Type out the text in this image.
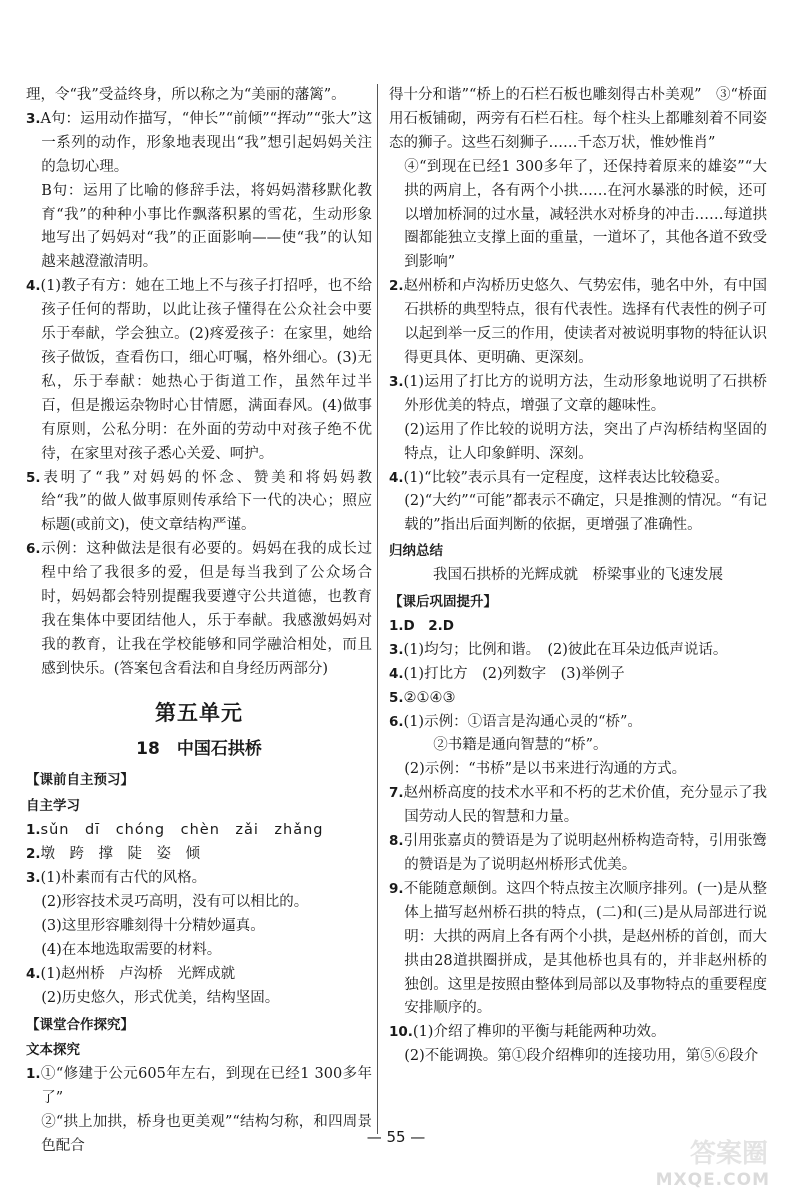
理，令“我”受益终身，所以称之为“美丽的藩篱”。

3.A句：运用动作描写，“伸长”“前倾”“挥动”“张大”这一系列的动作，形象地表现出“我”想引起妈妈关注的急切心理。

B句：运用了比喻的修辞手法，将妈妈潜移默化教育“我”的种种小事比作飘落积累的雪花，生动形象地写出了妈妈对“我”的正面影响——使“我”的认知越来越澄澈清明。

4.(1)教子有方：她在工地上不与孩子打招呼，也不给孩子任何的帮助，以此让孩子懂得在公众社会中要乐于奉献，学会独立。(2)疼爱孩子：在家里，她给孩子做饭，查看伤口，细心叮嘱，格外细心。(3)无私，乐于奉献：她热心于街道工作，虽然年过半百，但是搬运杂物时心甘情愿，满面春风。(4)做事有原则，公私分明：在外面的劳动中对孩子绝不优待，在家里对孩子悉心关爱、呵护。

5.表明了“我”对妈妈的怀念、赞美和将妈妈教给“我”的做人做事原则传承给下一代的决心；照应标题(或前文)，使文章结构严谨。

6.示例：这种做法是很有必要的。妈妈在我的成长过程中给了我很多的爱，但是每当我到了公众场合时，妈妈都会特别提醒我要遵守公共道德，也教育我在集体中要团结他人，乐于奉献。我感激妈妈对我的教育，让我在学校能够和同学融洽相处，而且感到快乐。(答案包含看法和自身经历两部分)

第五单元
18　中国石拱桥
【课前自主预习】
自主学习

1.sǔn　dī　chóng　chèn　zǎi　zhǎng

2.墩　跨　撑　陡　姿　倾

3.(1)朴素而有古代的风格。

(2)形容技术灵巧高明，没有可以相比的。

(3)这里形容雕刻得十分精妙逼真。

(4)在本地选取需要的材料。

4.(1)赵州桥　卢沟桥　光辉成就

(2)历史悠久，形式优美，结构坚固。

【课堂合作探究】
文本探究

1.①“修建于公元605年左右，到现在已经1 300多年了”

②“拱上加拱，桥身也更美观”“结构匀称，和四周景色配合

得十分和谐”“桥上的石栏石板也雕刻得古朴美观”　③“桥面用石板铺砌，两旁有石栏石柱。每个柱头上都雕刻着不同姿态的狮子。这些石刻狮子……千态万状，惟妙惟肖”

④“到现在已经1 300多年了，还保持着原来的雄姿”“大拱的两肩上，各有两个小拱……在河水暴涨的时候，还可以增加桥洞的过水量，减轻洪水对桥身的冲击……每道拱圈都能独立支撑上面的重量，一道坏了，其他各道不致受到影响”

2.赵州桥和卢沟桥历史悠久、气势宏伟，驰名中外，有中国石拱桥的典型特点，很有代表性。选择有代表性的例子可以起到举一反三的作用，使读者对被说明事物的特征认识得更具体、更明确、更深刻。

3.(1)运用了打比方的说明方法，生动形象地说明了石拱桥外形优美的特点，增强了文章的趣味性。

(2)运用了作比较的说明方法，突出了卢沟桥结构坚固的特点，让人印象鲜明、深刻。

4.(1)“比较”表示具有一定程度，这样表达比较稳妥。

(2)“大约”“可能”都表示不确定，只是推测的情况。“有记载的”指出后面判断的依据，更增强了准确性。

归纳总结

我国石拱桥的光辉成就　桥梁事业的飞速发展

【课后巩固提升】

1.D　2.D

3.(1)均匀；比例和谐。　(2)彼此在耳朵边低声说话。

4.(1)打比方　(2)列数字　(3)举例子

5.②①④③

6.(1)示例：①语言是沟通心灵的“桥”。

②书籍是通向智慧的“桥”。

(2)示例：“书桥”是以书来进行沟通的方式。

7.赵州桥高度的技术水平和不朽的艺术价值，充分显示了我国劳动人民的智慧和力量。

8.引用张嘉贞的赞语是为了说明赵州桥构造奇特，引用张𬸦的赞语是为了说明赵州桥形式优美。

9.不能随意颠倒。这四个特点按主次顺序排列。(一)是从整体上描写赵州桥石拱的特点，(二)和(三)是从局部进行说明：大拱的两肩上各有两个小拱，是赵州桥的首创，而大拱由28道拱圈拼成，是其他桥也具有的，并非赵州桥的独创。这里是按照由整体到局部以及事物特点的重要程度安排顺序的。

10.(1)介绍了榫卯的平衡与耗能两种功效。

(2)不能调换。第①段介绍榫卯的连接功用，第⑤⑥段介

— 55 —
答案圈
MXQE.COM
